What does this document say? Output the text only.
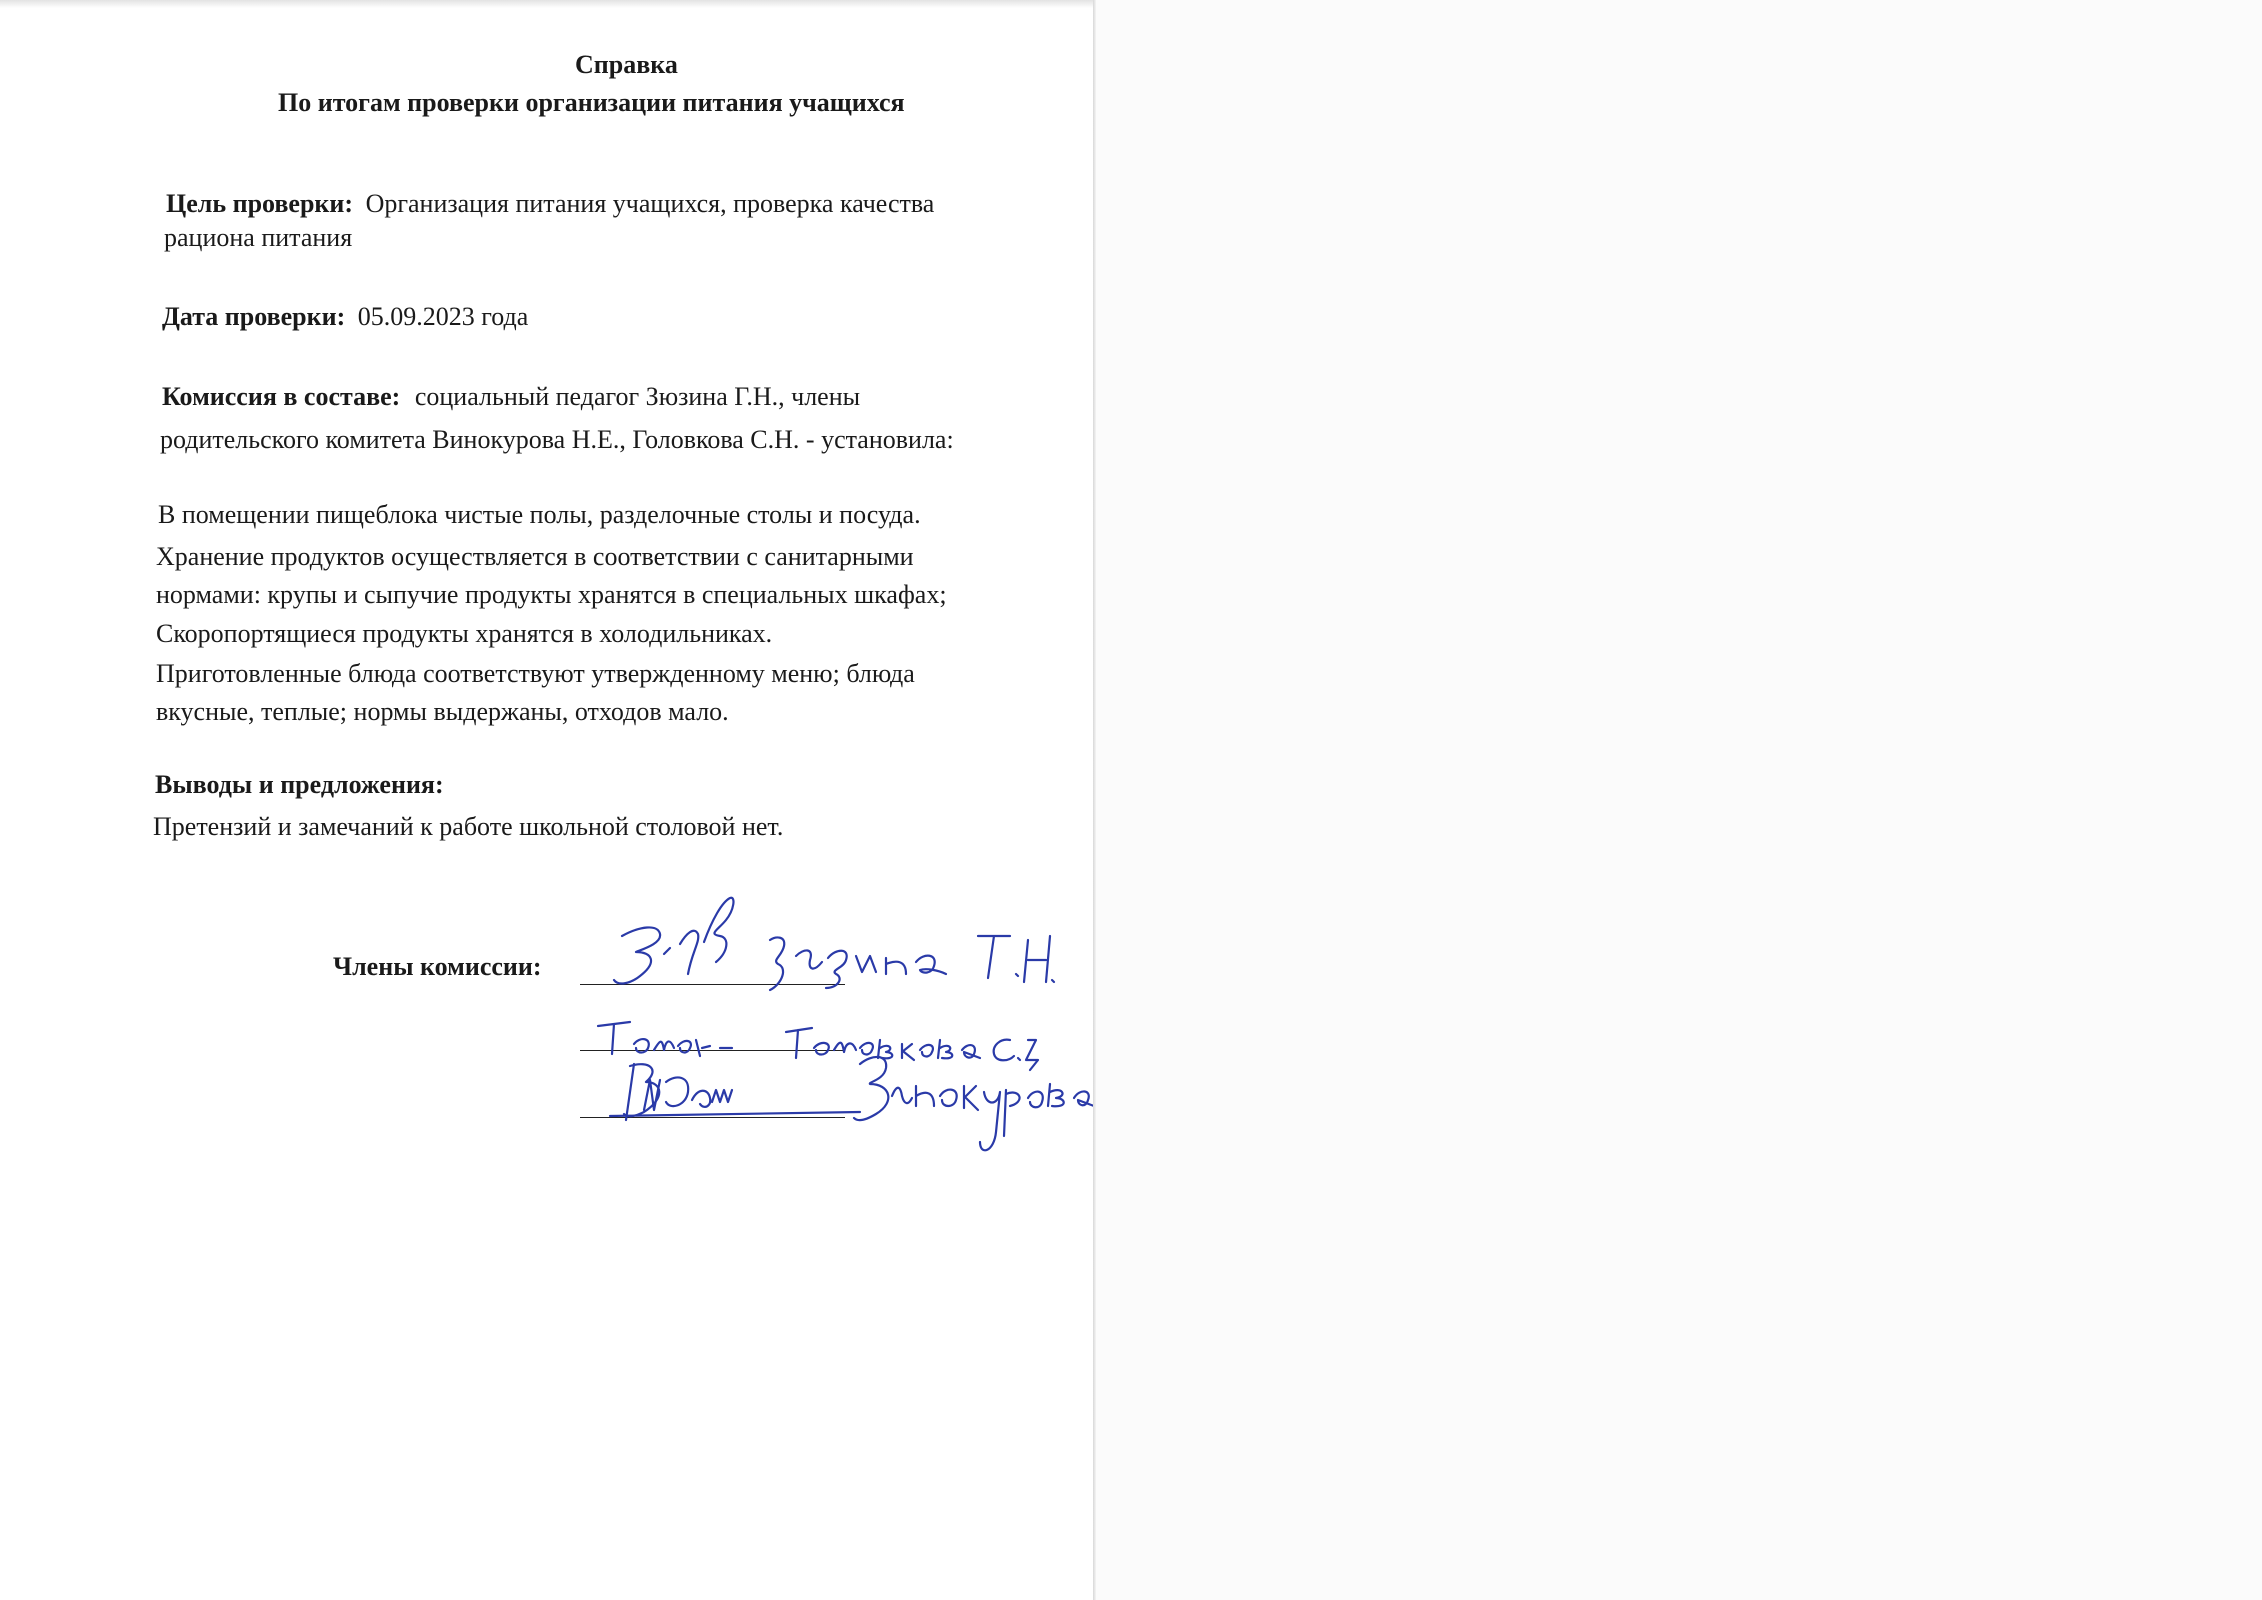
Справка
По итогам проверки организации питания учащихся
Цель проверки: Организация питания учащихся, проверка качества
рациона питания
Дата проверки: 05.09.2023 года
Комиссия в составе: социальный педагог Зюзина Г.Н., члены
родительского комитета Винокурова Н.Е., Головкова С.Н. - установила:
В помещении пищеблока чистые полы, разделочные столы и посуда.
Хранение продуктов осуществляется в соответствии с санитарными
нормами: крупы и сыпучие продукты хранятся в специальных шкафах;
Скоропортящиеся продукты хранятся в холодильниках.
Приготовленные блюда соответствуют утвержденному меню; блюда
вкусные, теплые; нормы выдержаны, отходов мало.
Выводы и предложения:
Претензий и замечаний к работе школьной столовой нет.
Члены комиссии:
